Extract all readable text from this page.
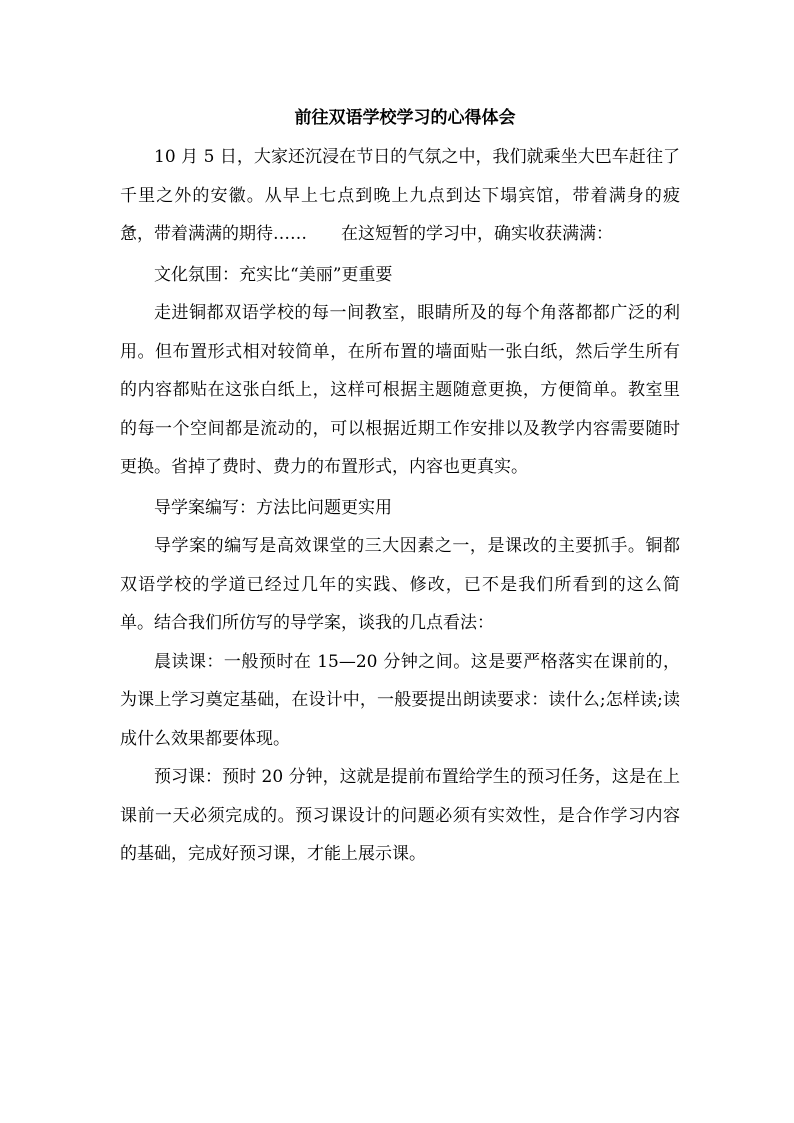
前往双语学校学习的心得体会

10 月 5 日，大家还沉浸在节日的气氛之中，我们就乘坐大巴车赶往了千里之外的安徽。从早上七点到晚上九点到达下塌宾馆，带着满身的疲惫，带着满满的期待……　　在这短暂的学习中，确实收获满满：

文化氛围：充实比“美丽”更重要

走进铜都双语学校的每一间教室，眼睛所及的每个角落都都广泛的利用。但布置形式相对较简单，在所布置的墙面贴一张白纸，然后学生所有的内容都贴在这张白纸上，这样可根据主题随意更换，方便简单。教室里的每一个空间都是流动的，可以根据近期工作安排以及教学内容需要随时更换。省掉了费时、费力的布置形式，内容也更真实。

导学案编写：方法比问题更实用

导学案的编写是高效课堂的三大因素之一，是课改的主要抓手。铜都双语学校的学道已经过几年的实践、修改，已不是我们所看到的这么简单。结合我们所仿写的导学案，谈我的几点看法：

晨读课：一般预时在 15—20 分钟之间。这是要严格落实在课前的，为课上学习奠定基础，在设计中，一般要提出朗读要求：读什么;怎样读;读成什么效果都要体现。

预习课：预时 20 分钟，这就是提前布置给学生的预习任务，这是在上课前一天必须完成的。预习课设计的问题必须有实效性，是合作学习内容的基础，完成好预习课，才能上展示课。
